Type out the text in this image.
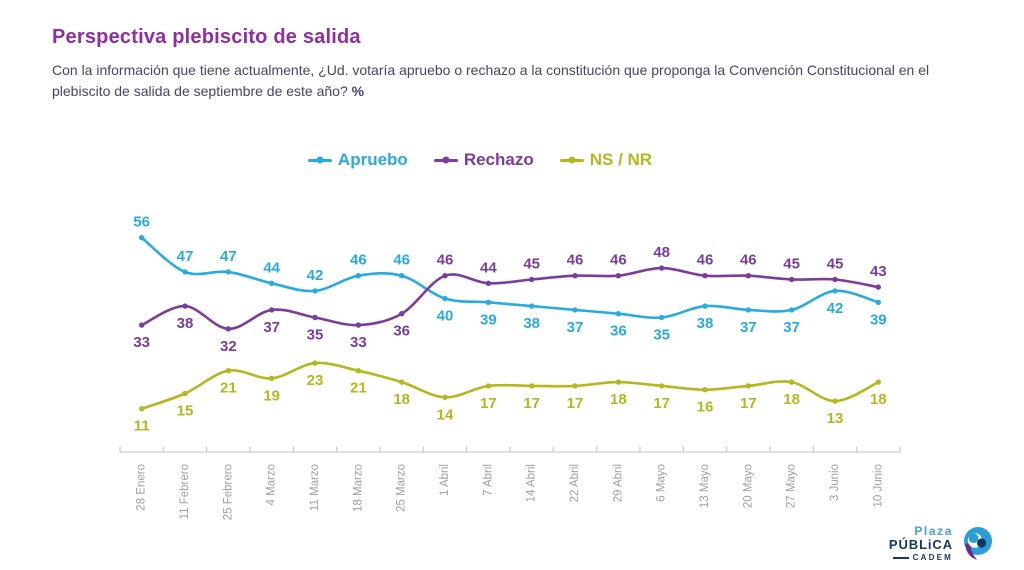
Perspectiva plebiscito de salida

Con la información que tiene actualmente, ¿Ud. votaría apruebo o rechazo a la constitución que proponga la Convención Constitucional en el plebiscito de salida de septiembre de este año? %

Apruebo	Rechazo	NS / NR
28 Enero	11 Febrero	25 Febrero	4 Marzo	11 Marzo	18 Marzo	25 Marzo	1 Abril	7 Abril	14 Abril	22 Abril	29 Abril	6 Mayo	13 Mayo	20 Mayo	27 Mayo	3 Junio	10 Junio
56
47 47
44 42
46 46
40 39 38 37 36 35
38 37 37
42
39
33
38
32
37 35 33
36
46 44 45 46 46 48 46 46 45 45 43
11
15
21 19
23 21
18
14
17 17 17 18 17 16 17 18
13
18
Plaza
PÚBLiCA
CADEM
